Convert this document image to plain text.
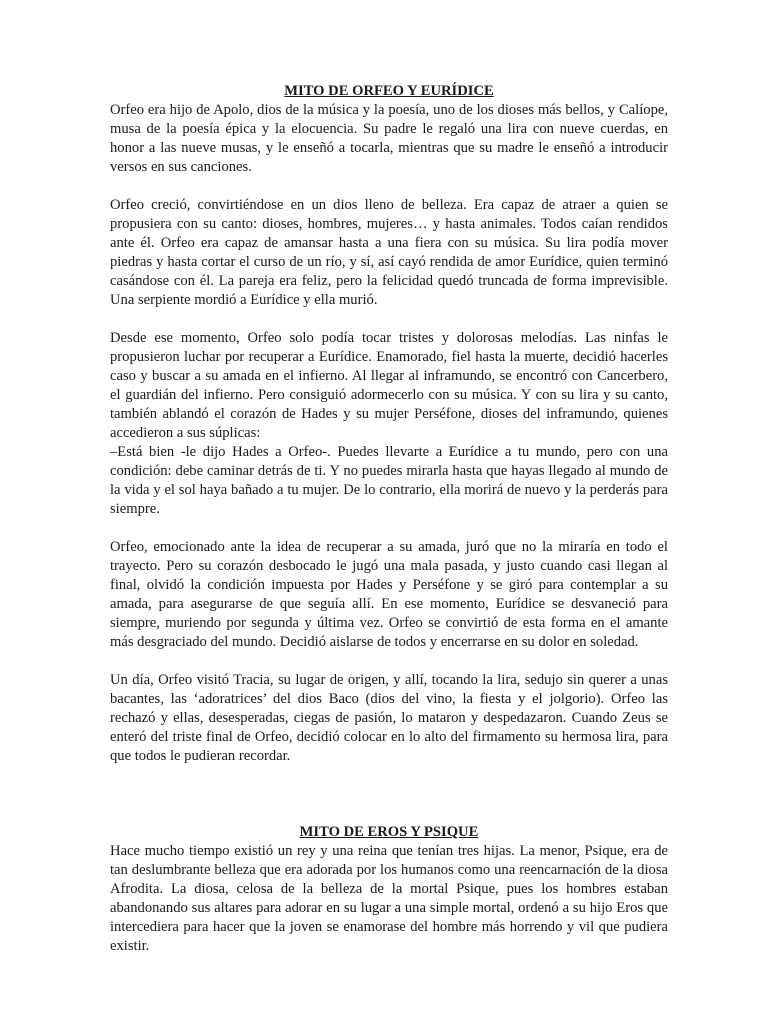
MITO DE ORFEO Y EURÍDICE

Orfeo era hijo de Apolo, dios de la música y la poesía, uno de los dioses más bellos, y Calíope, musa de la poesía épica y la elocuencia. Su padre le regaló una lira con nueve cuerdas, en honor a las nueve musas, y le enseñó a tocarla, mientras que su madre le enseñó a introducir versos en sus canciones.

Orfeo creció, convirtiéndose en un dios lleno de belleza. Era capaz de atraer a quien se propusiera con su canto: dioses, hombres, mujeres… y hasta animales. Todos caían rendidos ante él. Orfeo era capaz de amansar hasta a una fiera con su música. Su lira podía mover piedras y hasta cortar el curso de un río, y sí, así cayó rendida de amor Eurídice, quien terminó casándose con él. La pareja era feliz, pero la felicidad quedó truncada de forma imprevisible. Una serpiente mordió a Eurídice y ella murió.

Desde ese momento, Orfeo solo podía tocar tristes y dolorosas melodías. Las ninfas le propusieron luchar por recuperar a Eurídice. Enamorado, fiel hasta la muerte, decidió hacerles caso y buscar a su amada en el infierno. Al llegar al inframundo, se encontró con Cancerbero, el guardián del infierno. Pero consiguió adormecerlo con su música. Y con su lira y su canto, también ablandó el corazón de Hades y su mujer Perséfone, dioses del inframundo, quienes accedieron a sus súplicas:

–Está bien -le dijo Hades a Orfeo-. Puedes llevarte a Eurídice a tu mundo, pero con una condición: debe caminar detrás de ti. Y no puedes mirarla hasta que hayas llegado al mundo de la vida y el sol haya bañado a tu mujer. De lo contrario, ella morirá de nuevo y la perderás para siempre.

Orfeo, emocionado ante la idea de recuperar a su amada, juró que no la miraría en todo el trayecto. Pero su corazón desbocado le jugó una mala pasada, y justo cuando casi llegan al final, olvidó la condición impuesta por Hades y Perséfone y se giró para contemplar a su amada, para asegurarse de que seguía allí. En ese momento, Eurídice se desvaneció para siempre, muriendo por segunda y última vez. Orfeo se convirtió de esta forma en el amante más desgraciado del mundo. Decidió aislarse de todos y encerrarse en su dolor en soledad.

Un día, Orfeo visitó Tracia, su lugar de origen, y allí, tocando la lira, sedujo sin querer a unas bacantes, las ‘adoratrices’ del dios Baco (dios del vino, la fiesta y el jolgorio). Orfeo las rechazó y ellas, desesperadas, ciegas de pasión, lo mataron y despedazaron. Cuando Zeus se enteró del triste final de Orfeo, decidió colocar en lo alto del firmamento su hermosa lira, para que todos le pudieran recordar.

MITO DE EROS Y PSIQUE

Hace mucho tiempo existió un rey y una reina que tenían tres hijas. La menor, Psique, era de tan deslumbrante belleza que era adorada por los humanos como una reencarnación de la diosa Afrodita. La diosa, celosa de la belleza de la mortal Psique, pues los hombres estaban abandonando sus altares para adorar en su lugar a una simple mortal, ordenó a su hijo Eros que intercediera para hacer que la joven se enamorase del hombre más horrendo y vil que pudiera existir.
